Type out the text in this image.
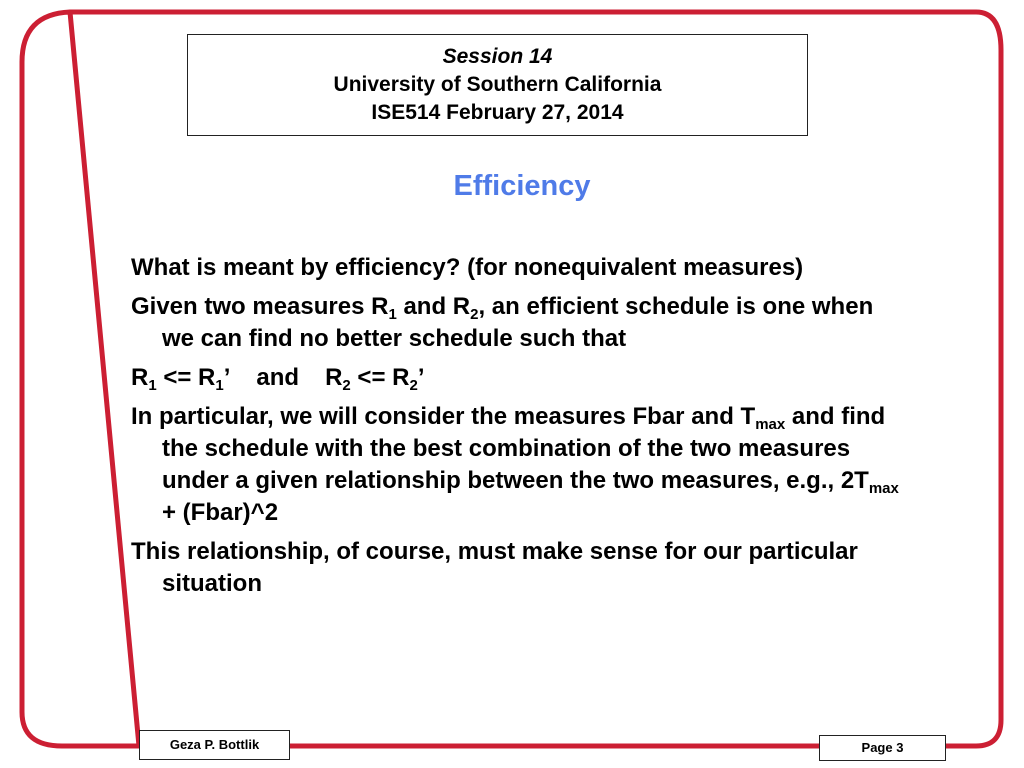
Session 14
University of Southern California
ISE514 February 27, 2014
Efficiency
What is meant by efficiency? (for nonequivalent measures)
Given two measures $R_1$ and $R_2$, an efficient schedule is one when we can find no better schedule such that
$R_1 <= R_1$’ and $R_2 <= R_2$’
In particular, we will consider the measures Fbar and $T_{max}$ and find the schedule with the best combination of the two measures under a given relationship between the two measures, e.g., $2T_{max}$ + (Fbar)^2
This relationship, of course, must make sense for our particular situation
Geza P. Bottlik	Page 3
